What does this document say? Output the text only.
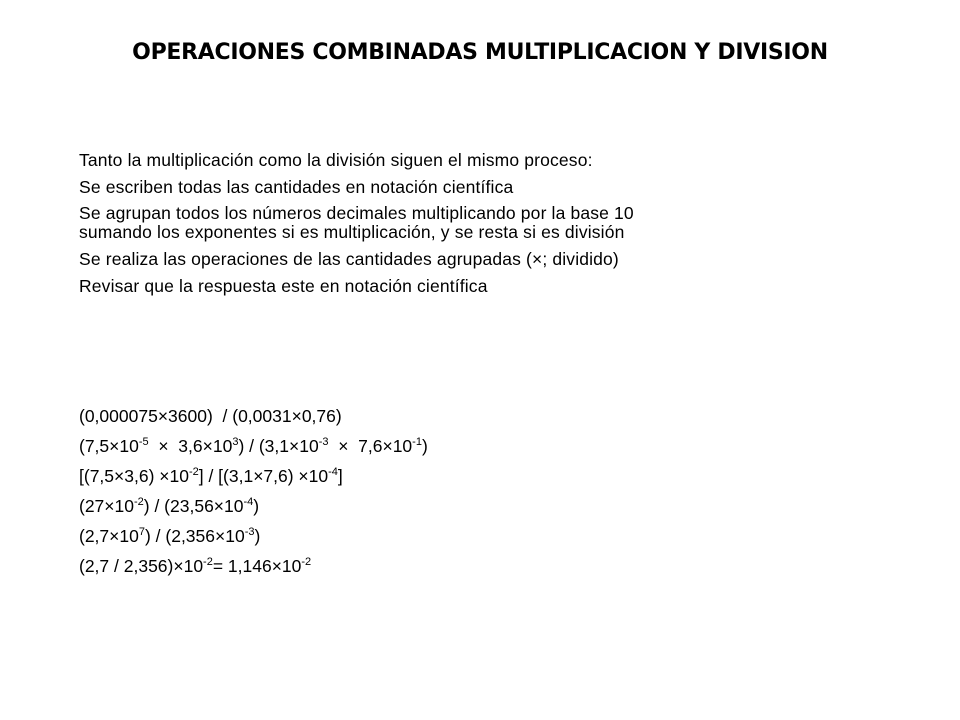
OPERACIONES COMBINADAS MULTIPLICACION Y DIVISION
Tanto la multiplicación como la división siguen el mismo proceso:
Se escriben todas las cantidades en notación científica
Se agrupan todos los números decimales multiplicando por la base 10
sumando los exponentes si es multiplicación, y se resta si es división
Se realiza las operaciones de las cantidades agrupadas (×; dividido)
Revisar que la respuesta este en notación científica
(0,000075×3600)  / (0,0031×0,76)
$(7,5\times 10^{-5} \times 3,6\times 10^3) / (3,1\times 10^{-3} \times 7,6\times 10^{-1})$
$[(7,5\times 3,6) \times 10^{-2}] / [(3,1\times 7,6) \times 10^{-4}]$
$(27\times 10^{-2}) / (23,56\times 10^{-4})$
$(2,7\times 10^7) / (2,356\times 10^{-3})$
$(2,7 / 2,356)\times 10^{-2}= 1,146\times 10^{-2}$
